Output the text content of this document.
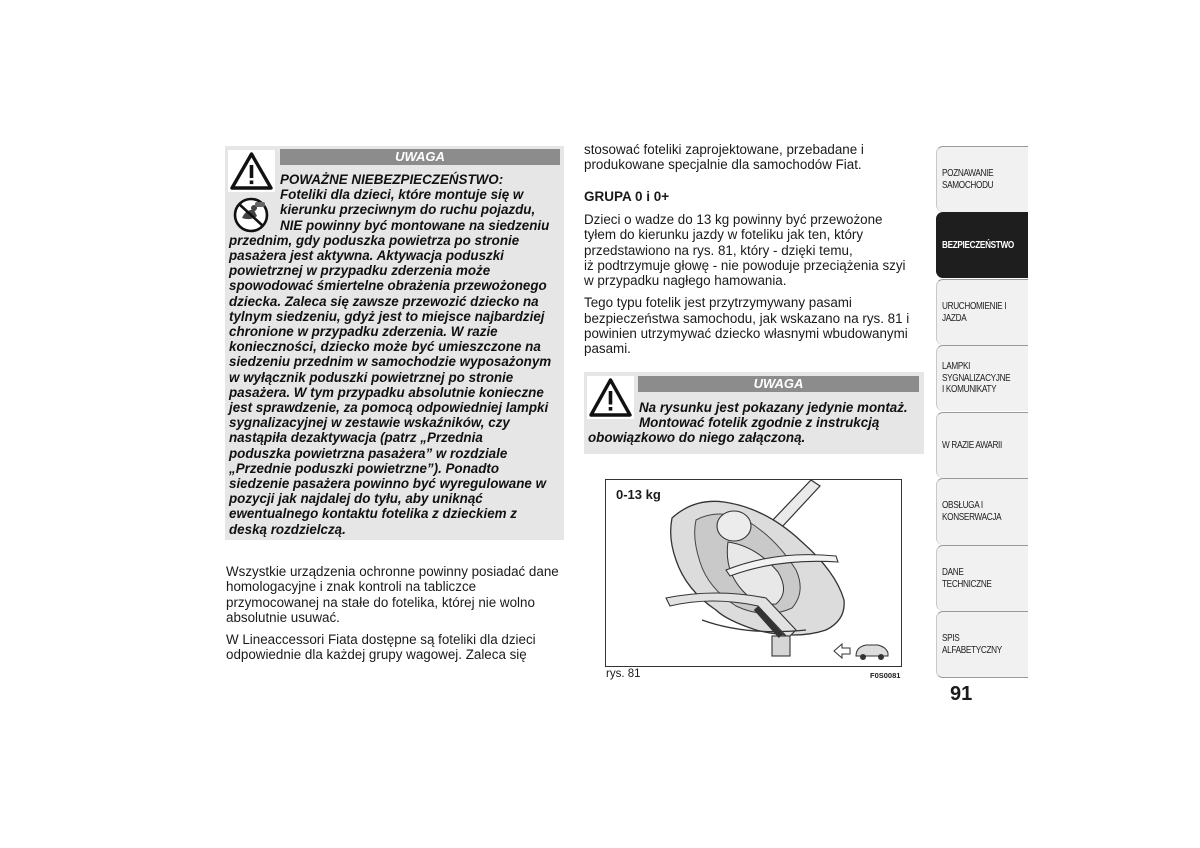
UWAGA

POWAŻNE NIEBEZPIECZEŃSTWO:

Foteliki dla dzieci, które montuje się w

kierunku przeciwnym do ruchu pojazdu,

NIE powinny być montowane na siedzeniu

przednim, gdy poduszka powietrza po stronie

pasażera jest aktywna. Aktywacja poduszki

powietrznej w przypadku zderzenia może

spowodować śmiertelne obrażenia przewożonego

dziecka. Zaleca się zawsze przewozić dziecko na

tylnym siedzeniu, gdyż jest to miejsce najbardziej

chronione w przypadku zderzenia. W razie

konieczności, dziecko może być umieszczone na

siedzeniu przednim w samochodzie wyposażonym

w wyłącznik poduszki powietrznej po stronie

pasażera. W tym przypadku absolutnie konieczne

jest sprawdzenie, za pomocą odpowiedniej lampki

sygnalizacyjnej w zestawie wskaźników, czy

nastąpiła dezaktywacja (patrz „Przednia

poduszka powietrzna pasażera” w rozdziale

„Przednie poduszki powietrzne”). Ponadto

siedzenie pasażera powinno być wyregulowane w

pozycji jak najdalej do tyłu, aby uniknąć

ewentualnego kontaktu fotelika z dzieckiem z

deską rozdzielczą.

Wszystkie urządzenia ochronne powinny posiadać dane
homologacyjne i znak kontroli na tabliczce
przymocowanej na stałe do fotelika, której nie wolno
absolutnie usuwać.

W Lineaccessori Fiata dostępne są foteliki dla dzieci
odpowiednie dla każdej grupy wagowej. Zaleca się

stosować foteliki zaprojektowane, przebadane i
produkowane specjalnie dla samochodów Fiat.

GRUPA 0 i 0+

Dzieci o wadze do 13 kg powinny być przewożone
tyłem do kierunku jazdy w foteliku jak ten, który
przedstawiono na rys. 81, który - dzięki temu,
iż podtrzymuje głowę - nie powoduje przeciążenia szyi
w przypadku nagłego hamowania.

Tego typu fotelik jest przytrzymywany pasami
bezpieczeństwa samochodu, jak wskazano na rys. 81 i
powinien utrzymywać dziecko własnymi wbudowanymi
pasami.

UWAGA

Na rysunku jest pokazany jedynie montaż.

Montować fotelik zgodnie z instrukcją

obowiązkowo do niego załączoną.

0-13 kg
rys. 81	F0S0081
POZNAWANIE SAMOCHODU
BEZPIECZEŃSTWO
URUCHOMIENIE I JAZDA
LAMPKI SYGNALIZACYJNE I KOMUNIKATY
W RAZIE AWARII
OBSŁUGA I KONSERWACJA
DANE TECHNICZNE
SPIS ALFABETYCZNY
91
